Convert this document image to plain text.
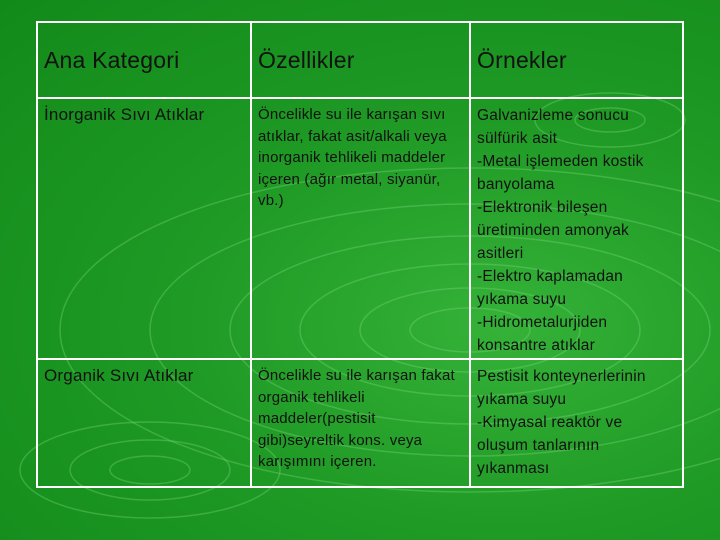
Ana Kategori	Özellikler	Örnekler
İnorganik Sıvı Atıklar	Öncelikle su ile karışan sıvı atıklar, fakat asit/alkali veya inorganik tehlikeli maddeler içeren (ağır metal, siyanür, vb.)	Galvanizleme sonucu sülfürik asit
-Metal işlemeden kostik banyolama
-Elektronik bileşen üretiminden amonyak asitleri
-Elektro kaplamadan yıkama suyu
-Hidrometalurjiden konsantre atıklar

Organik Sıvı Atıklar	Öncelikle su ile karışan fakat organik tehlikeli maddeler(pestisit gibi)seyreltik kons. veya karışımını içeren.	Pestisit konteynerlerinin yıkama suyu
-Kimyasal reaktör ve oluşum tanlarının yıkanması
